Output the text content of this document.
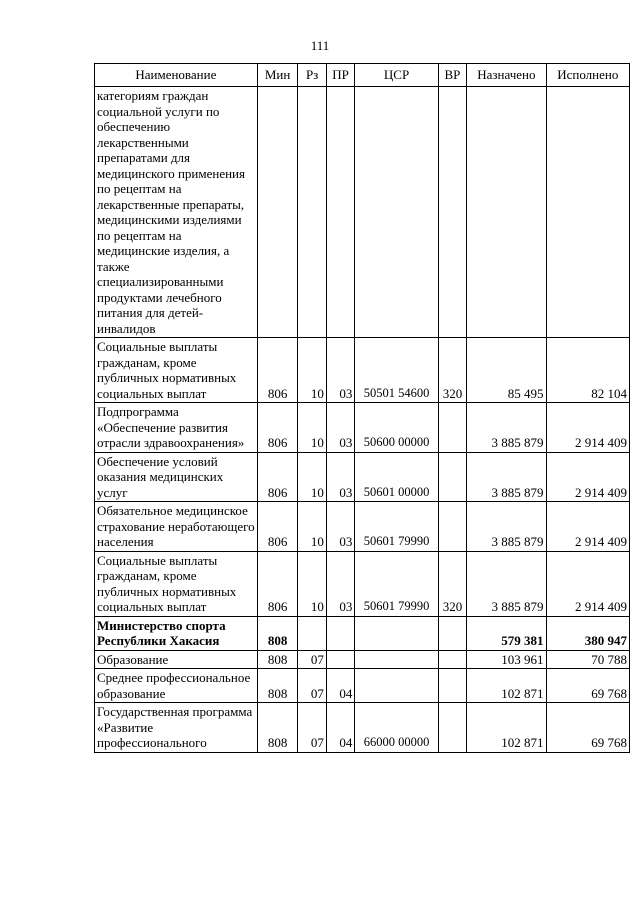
111
Наименование	Мин	Рз	ПР	ЦСР	ВР	Назначено	Исполнено
категориям граждан социальной услуги по обеспечению лекарственными препаратами для медицинского применения по рецептам на лекарственные препараты, медицинскими изделиями по рецептам на медицинские изделия, а также специализированными продуктами лечебного питания для детей-инвалидов							
Социальные выплаты гражданам, кроме публичных нормативных социальных выплат	806	10	03	50501 54600	320	85 495	82 104
Подпрограмма «Обеспечение развития отрасли здравоохранения»	806	10	03	50600 00000		3 885 879	2 914 409
Обеспечение условий оказания медицинских услуг	806	10	03	50601 00000		3 885 879	2 914 409
Обязательное медицинское страхование неработающего населения	806	10	03	50601 79990		3 885 879	2 914 409
Социальные выплаты гражданам, кроме публичных нормативных социальных выплат	806	10	03	50601 79990	320	3 885 879	2 914 409
Министерство спорта Республики Хакасия	808					579 381	380 947
Образование	808	07				103 961	70 788
Среднее профессиональное образование	808	07	04			102 871	69 768
Государственная программа «Развитие профессионального	808	07	04	66000 00000		102 871	69 768
